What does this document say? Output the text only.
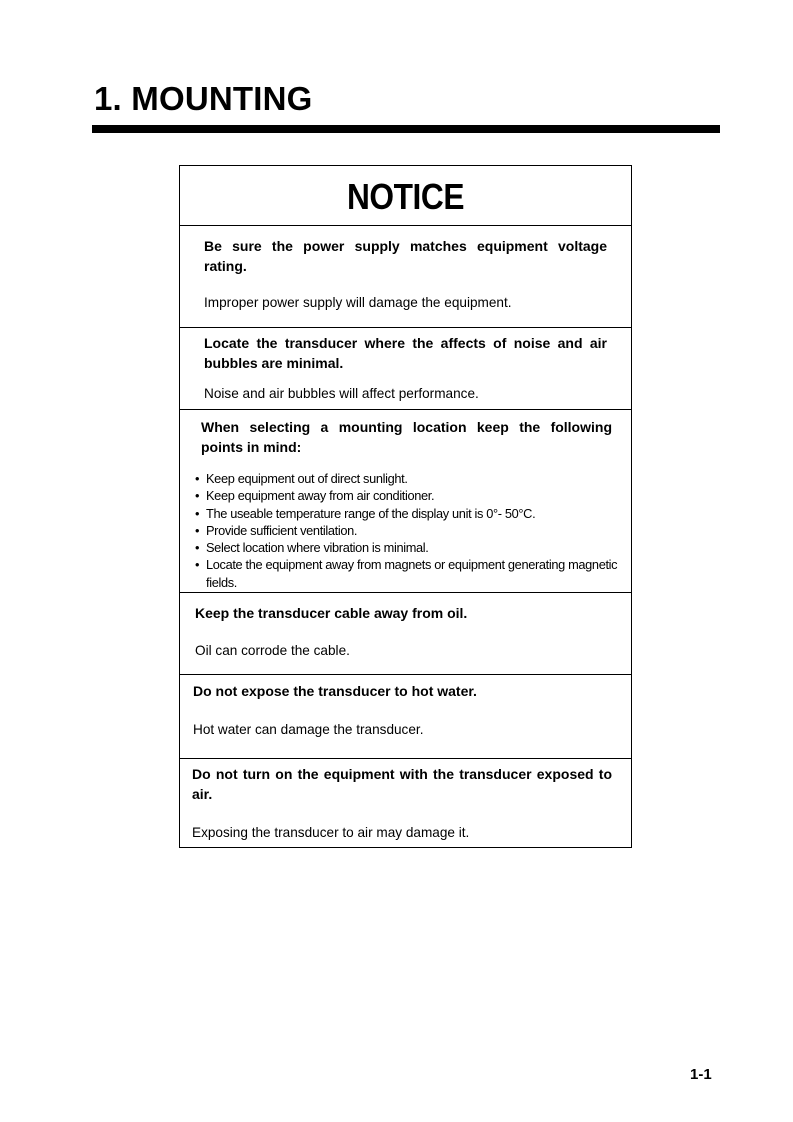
1. MOUNTING
NOTICE
Be sure the power supply matches equipment voltage rating.
Improper power supply will damage the equipment.
Locate the transducer where the affects of noise and air bubbles are minimal.
Noise and air bubbles will affect performance.
When selecting a mounting location keep the following points in mind:
• Keep equipment out of direct sunlight.
• Keep equipment away from air conditioner.
• The useable temperature range of the display unit is 0°- 50°C.
• Provide sufficient ventilation.
• Select location where vibration is minimal.
• Locate the equipment away from magnets or equipment generating magnetic fields.
Keep the transducer cable away from oil.
Oil can corrode the cable.
Do not expose the transducer to hot water.
Hot water can damage the transducer.
Do not turn on the equipment with the transducer exposed to air.
Exposing the transducer to air may damage it.
1-1
